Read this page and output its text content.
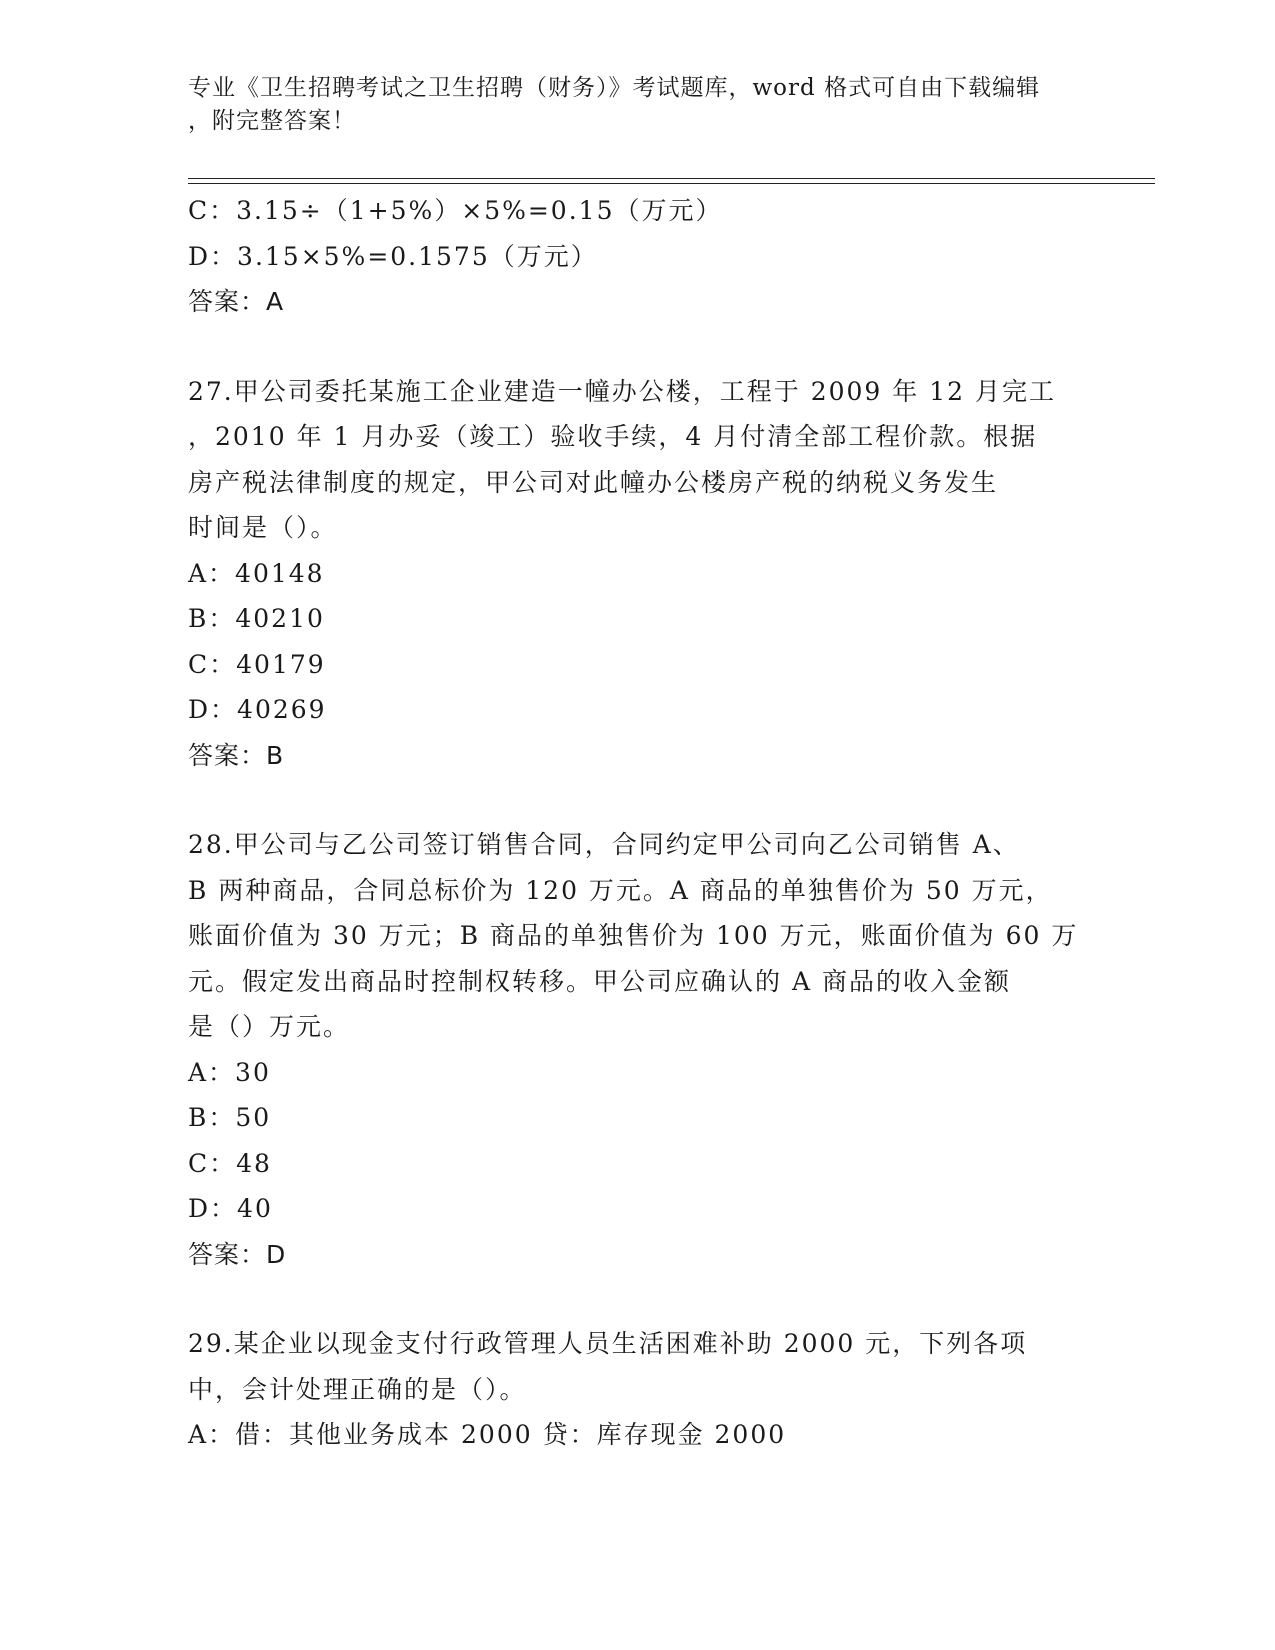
专业《卫生招聘考试之卫生招聘（财务）》考试题库，word 格式可自由下载编辑
，附完整答案！

C：3.15÷（1+5%）×5%=0.15（万元）

D：3.15×5%=0.1575（万元）

答案：A

27.甲公司委托某施工企业建造一幢办公楼，工程于 2009 年 12 月完工

，2010 年 1 月办妥（竣工）验收手续，4 月付清全部工程价款。根据

房产税法律制度的规定，甲公司对此幢办公楼房产税的纳税义务发生

时间是（）。

A：40148

B：40210

C：40179

D：40269

答案：B

28.甲公司与乙公司签订销售合同，合同约定甲公司向乙公司销售 A、

B 两种商品，合同总标价为 120 万元。A 商品的单独售价为 50 万元，

账面价值为 30 万元；B 商品的单独售价为 100 万元，账面价值为 60 万

元。假定发出商品时控制权转移。甲公司应确认的 A 商品的收入金额

是（）万元。

A：30

B：50

C：48

D：40

答案：D

29.某企业以现金支付行政管理人员生活困难补助 2000 元，下列各项

中，会计处理正确的是（）。

A：借：其他业务成本 2000 贷：库存现金 2000
